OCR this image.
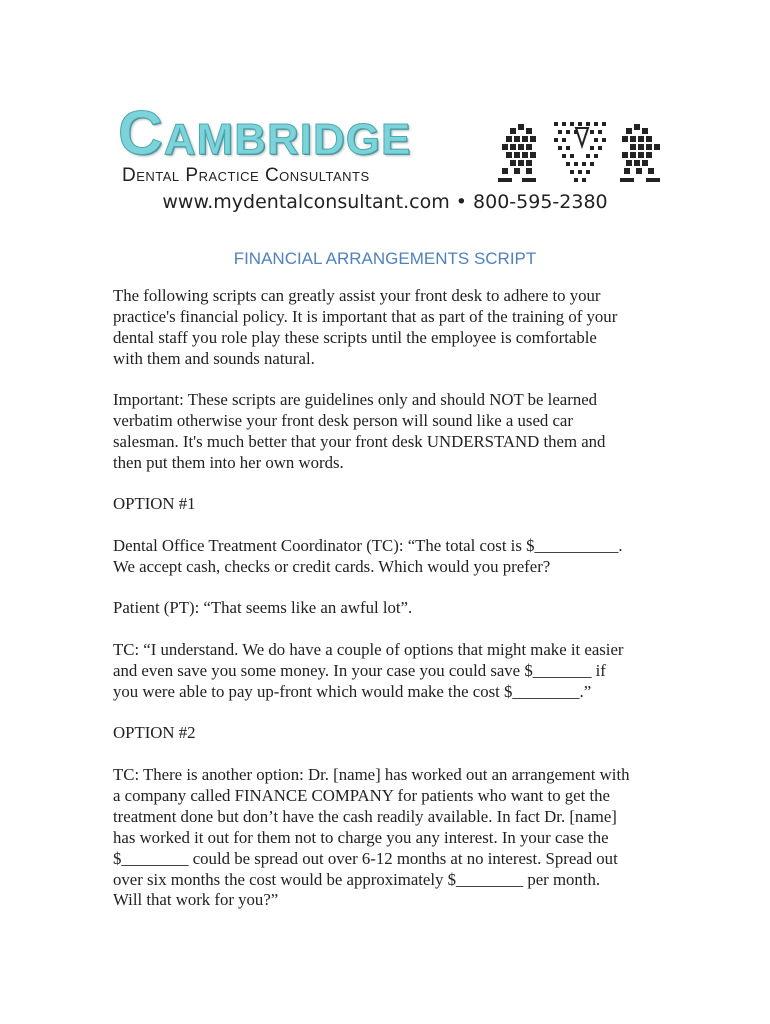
CAMBRIDGE
Dental Practice Consultants
www.mydentalconsultant.com • 800-595-2380
FINANCIAL ARRANGEMENTS SCRIPT

The following scripts can greatly assist your front desk to adhere to your
practice's financial policy. It is important that as part of the training of your
dental staff you role play these scripts until the employee is comfortable
with them and sounds natural.

Important: These scripts are guidelines only and should NOT be learned
verbatim otherwise your front desk person will sound like a used car
salesman. It's much better that your front desk UNDERSTAND them and
then put them into her own words.

OPTION #1

Dental Office Treatment Coordinator (TC): “The total cost is $__________.
We accept cash, checks or credit cards. Which would you prefer?

Patient (PT): “That seems like an awful lot”.

TC: “I understand. We do have a couple of options that might make it easier
and even save you some money. In your case you could save $_______ if
you were able to pay up-front which would make the cost $________.”

OPTION #2

TC: There is another option: Dr. [name] has worked out an arrangement with
a company called FINANCE COMPANY for patients who want to get the
treatment done but don’t have the cash readily available. In fact Dr. [name]
has worked it out for them not to charge you any interest. In your case the
$________ could be spread out over 6-12 months at no interest. Spread out
over six months the cost would be approximately $________ per month.
Will that work for you?”
